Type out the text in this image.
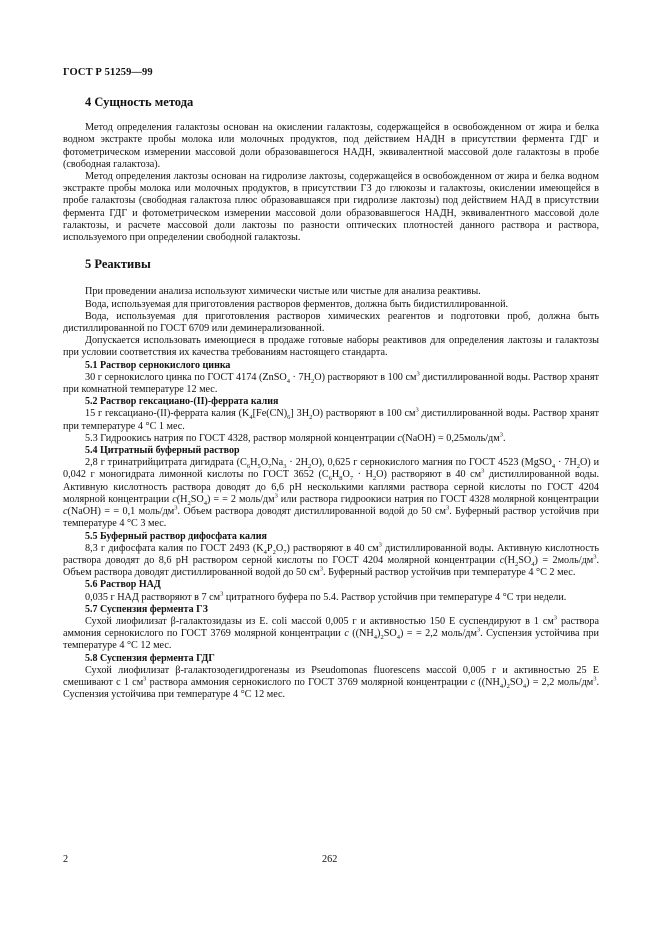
ГОСТ Р 51259—99

4 Сущность метода

Метод определения галактозы основан на окислении галактозы, содержащейся в освобожденном от жира и белка водном экстракте пробы молока или молочных продуктов, под действием НАДН в присутствии фермента ГДГ и фотометрическом измерении массовой доли образовавшегося НАДН, эквивалентной массовой доле галактозы в пробе (свободная галактоза).

Метод определения лактозы основан на гидролизе лактозы, содержащейся в освобожденном от жира и белка водном экстракте пробы молока или молочных продуктов, в присутствии ГЗ до глюкозы и галактозы, окислении имеющейся в пробе галактозы (свободная галактоза плюс образовавшаяся при гидролизе лактозы) под действием НАД в присутствии фермента ГДГ и фотометрическом измерении массовой доли образовавшегося НАДН, эквивалентного массовой доле галактозы, и расчете массовой доли лактозы по разности оптических плотностей данного раствора и раствора, используемого при определении свободной галактозы.

5 Реактивы

При проведении анализа используют химически чистые или чистые для анализа реактивы.

Вода, используемая для приготовления растворов ферментов, должна быть бидистиллированной.

Вода, используемая для приготовления растворов химических реагентов и подготовки проб, должна быть дистиллированной по ГОСТ 6709 или деминерализованной.

Допускается использовать имеющиеся в продаже готовые наборы реактивов для определения лактозы и галактозы при условии соответствия их качества требованиям настоящего стандарта.

5.1 Раствор сернокислого цинка

30 г сернокислого цинка по ГОСТ 4174 (ZnSO$_4$ · $7H_2O$) растворяют в 100 $см^3$ дистиллированной воды. Раствор хранят при комнатной температуре 12 мес.

5.2 Раствор гексациано-(II)-феррата калия

15 г гексациано-(II)-феррата калия ($K_4[Fe(CN)_6]$ $3H_2O$) растворяют в 100 $см^3$ дистиллированной воды. Раствор хранят при температуре 4 °С 1 мес.

5.3 Гидроокись натрия по ГОСТ 4328, раствор молярной концентрации c(NaOH) = $0,25моль/дм^3$.

5.4 Цитратный буферный раствор

2,8 г тринатрийцитрата дигидрата $(C_6H_5O_7Na_3 \cdot 2H_2O)$, 0,625 г сернокислого магния по ГОСТ 4523 (MgSO$_4$ · $7H_2O$) и 0,042 г моногидрата лимонной кислоты по ГОСТ 3652 $(C_6H_8O_7 \cdot H_2O)$ растворяют в 40 $см^3$ дистиллированной воды. Активную кислотность раствора доводят до 6,6 pH несколькими каплями раствора серной кислоты по ГОСТ 4204 молярной концентрации $c(H_2SO_4)$ = = 2 моль/$дм^3$ или раствора гидроокиси натрия по ГОСТ 4328 молярной концентрации c(NaOH) = = 0,1 моль/$дм^3$. Объем раствора доводят дистиллированной водой до 50 $см^3$. Буферный раствор устойчив при температуре 4 °С 3 мес.

5.5 Буферный раствор дифосфата калия

8,3 г дифосфата калия по ГОСТ 2493 $(K_4P_2O_7)$ растворяют в 40 $см^3$ дистиллированной воды. Активную кислотность раствора доводят до 8,6 pH раствором серной кислоты по ГОСТ 4204 молярной концентрации $c(H_2SO_4)$ = $2моль/дм^3$. Объем раствора доводят дистиллированной водой до 50 $см^3$. Буферный раствор устойчив при температуре 4 °С 2 мес.

5.6 Раствор НАД

0,035 г НАД растворяют в 7 $см^3$ цитратного буфера по 5.4. Раствор устойчив при температуре 4 °С три недели.

5.7 Суспензия фермента ГЗ

Сухой лиофилизат β-галактозидазы из E. coli массой 0,005 г и активностью 150 Е суспендируют в 1 $см^3$ раствора аммония сернокислого по ГОСТ 3769 молярной концентрации c $((NH_4)_2SO_4)$ = = 2,2 моль/$дм^3$. Суспензия устойчива при температуре 4 °С 12 мес.

5.8 Суспензия фермента ГДГ

Сухой лиофилизат β-галактозодегидрогеназы из Pseudomonas fluorescens массой 0,005 г и активностью 25 Е смешивают с 1 $см^3$ раствора аммония сернокислого по ГОСТ 3769 молярной концентрации c $((NH_4)_2SO_4) = 2,2$ моль/$дм^3$. Суспензия устойчива при температуре 4 °С 12 мес.

2	262
